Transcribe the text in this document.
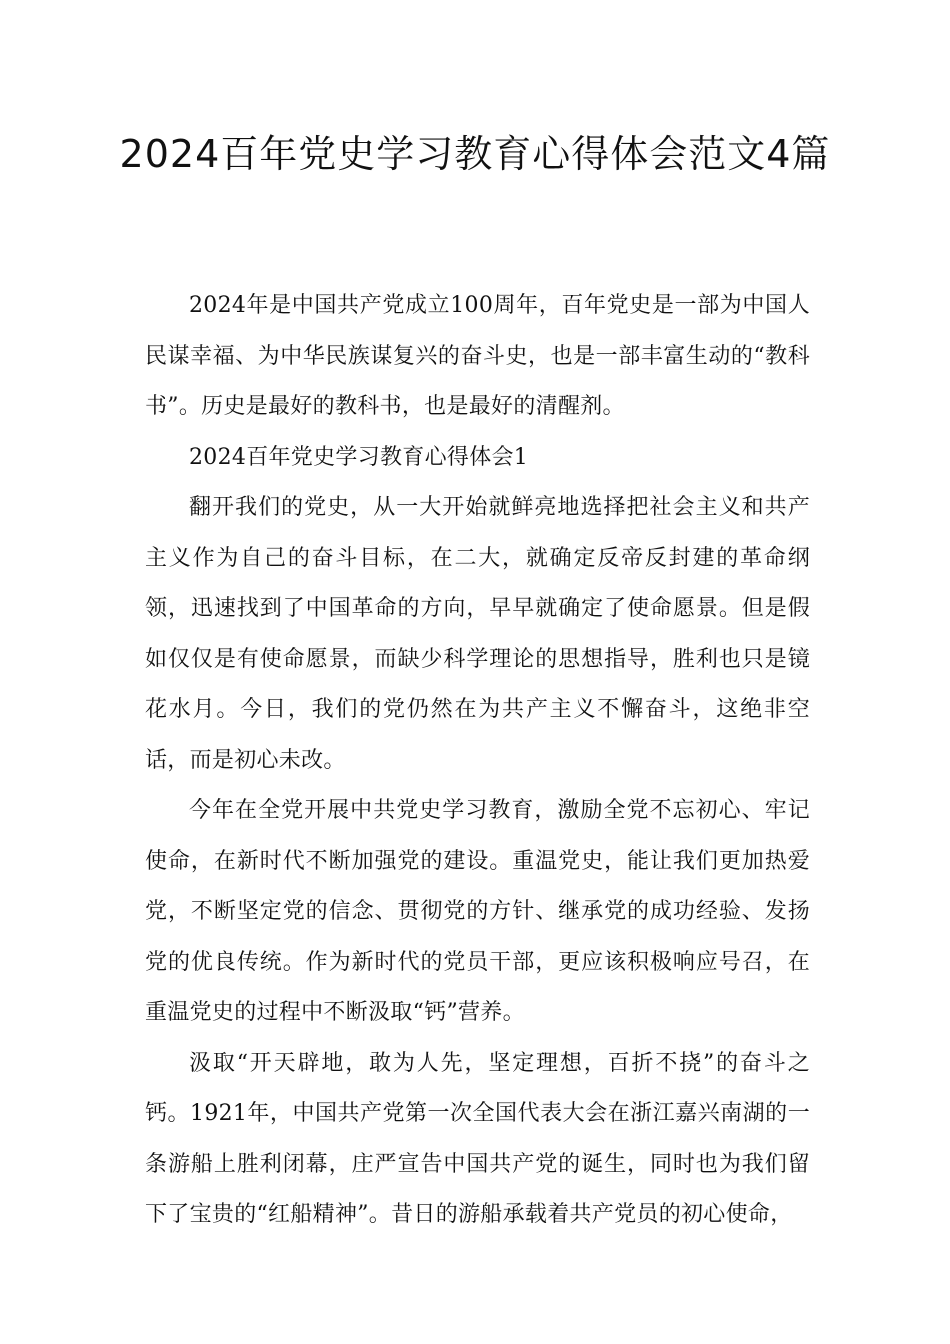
2024百年党史学习教育心得体会范文4篇

2024年是中国共产党成立100周年，百年党史是一部为中国人民谋幸福、为中华民族谋复兴的奋斗史，也是一部丰富生动的“教科书”。历史是最好的教科书，也是最好的清醒剂。

2024百年党史学习教育心得体会1

翻开我们的党史，从一大开始就鲜亮地选择把社会主义和共产主义作为自己的奋斗目标，在二大，就确定反帝反封建的革命纲领，迅速找到了中国革命的方向，早早就确定了使命愿景。但是假如仅仅是有使命愿景，而缺少科学理论的思想指导，胜利也只是镜花水月。今日，我们的党仍然在为共产主义不懈奋斗，这绝非空话，而是初心未改。

今年在全党开展中共党史学习教育，激励全党不忘初心、牢记使命，在新时代不断加强党的建设。重温党史，能让我们更加热爱党，不断坚定党的信念、贯彻党的方针、继承党的成功经验、发扬党的优良传统。作为新时代的党员干部，更应该积极响应号召，在重温党史的过程中不断汲取“钙”营养。

汲取“开天辟地，敢为人先，坚定理想，百折不挠”的奋斗之钙。1921年，中国共产党第一次全国代表大会在浙江嘉兴南湖的一条游船上胜利闭幕，庄严宣告中国共产党的诞生，同时也为我们留下了宝贵的“红船精神”。昔日的游船承载着共产党员的初心使命，
